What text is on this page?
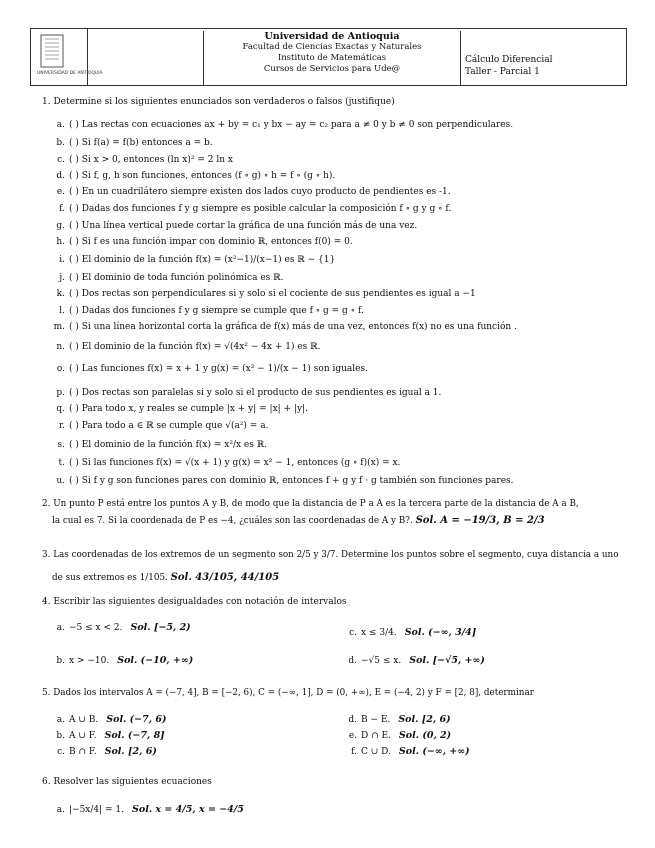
UNIVERSIDAD DE ANTIOQUIA
Universidad de Antioquia
Facultad de Ciencias Exactas y Naturales
Instituto de Matemáticas
Cursos de Servicios para Ude@
Cálculo Diferencial
Taller - Parcial 1
1. Determine si los siguientes enunciados son verdaderos o falsos (justifique)
a. ( ) Las rectas con ecuaciones ax + by = c₁ y bx − ay = c₂ para a ≠ 0 y b ≠ 0 son perpendiculares.
b. ( ) Si f(a) = f(b) entonces a = b.
c. ( ) Si x > 0, entonces (ln x)² = 2 ln x
d. ( ) Si f, g, h son funciones, entonces (f ∘ g) ∘ h = f ∘ (g ∘ h).
e. ( ) En un cuadrilátero siempre existen dos lados cuyo producto de pendientes es -1.
f. ( ) Dadas dos funciones f y g siempre es posible calcular la composición f ∘ g y g ∘ f.
g. ( ) Una línea vertical puede cortar la gráfica de una función más de una vez.
h. ( ) Si f es una función impar con dominio ℝ, entonces f(0) = 0.
i. ( ) El dominio de la función f(x) = (x²−1)/(x−1) es ℝ − {1}
j. ( ) El dominio de toda función polinómica es ℝ.
k. ( ) Dos rectas son perpendiculares si y solo si el cociente de sus pendientes es igual a −1
l. ( ) Dadas dos funciones f y g siempre se cumple que f ∘ g = g ∘ f.
m. ( ) Si una línea horizontal corta la gráfica de f(x) más de una vez, entonces f(x) no es una función .
n. ( ) El dominio de la función f(x) = √(4x² − 4x + 1) es ℝ.
o. ( ) Las funciones f(x) = x + 1 y g(x) = (x² − 1)/(x − 1) son iguales.
p. ( ) Dos rectas son paralelas si y solo si el producto de sus pendientes es igual a 1.
q. ( ) Para todo x, y reales se cumple |x + y| = |x| + |y|.
r. ( ) Para todo a ∈ ℝ se cumple que √(a²) = a.
s. ( ) El dominio de la función f(x) = x²/x es ℝ.
t. ( ) Si las funciones f(x) = √(x + 1) y g(x) = x² − 1, entonces (g ∘ f)(x) = x.
u. ( ) Si f y g son funciones pares con dominio ℝ, entonces f + g y f · g también son funciones pares.
2. Un punto P está entre los puntos A y B, de modo que la distancia de P a A es la tercera parte de la distancia de A a B,
la cual es 7. Si la coordenada de P es −4, ¿cuáles son las coordenadas de A y B?. Sol. A = −19/3, B = 2/3
3. Las coordenadas de los extremos de un segmento son 2/5 y 3/7. Determine los puntos sobre el segmento, cuya distancia a uno
de sus extremos es 1/105. Sol. 43/105, 44/105
4. Escribir las siguientes desigualdades con notación de intervalos
a. −5 ≤ x < 2. Sol. [−5, 2)
b. x > −10. Sol. (−10, +∞)
c. x ≤ 3/4. Sol. (−∞, 3/4]
d. −√5 ≤ x. Sol. [−√5, +∞)
5. Dados los intervalos A = (−7, 4], B = [−2, 6), C = (−∞, 1], D = (0, +∞), E = (−4, 2) y F = [2, 8], determinar
a. A ∪ B. Sol. (−7, 6)
b. A ∪ F. Sol. (−7, 8]
c. B ∩ F. Sol. [2, 6)
d. B − E. Sol. [2, 6)
e. D ∩ E. Sol. (0, 2)
f. C ∪ D. Sol. (−∞, +∞)
6. Resolver las siguientes ecuaciones
a. |−5x/4| = 1. Sol. x = 4/5, x = −4/5
